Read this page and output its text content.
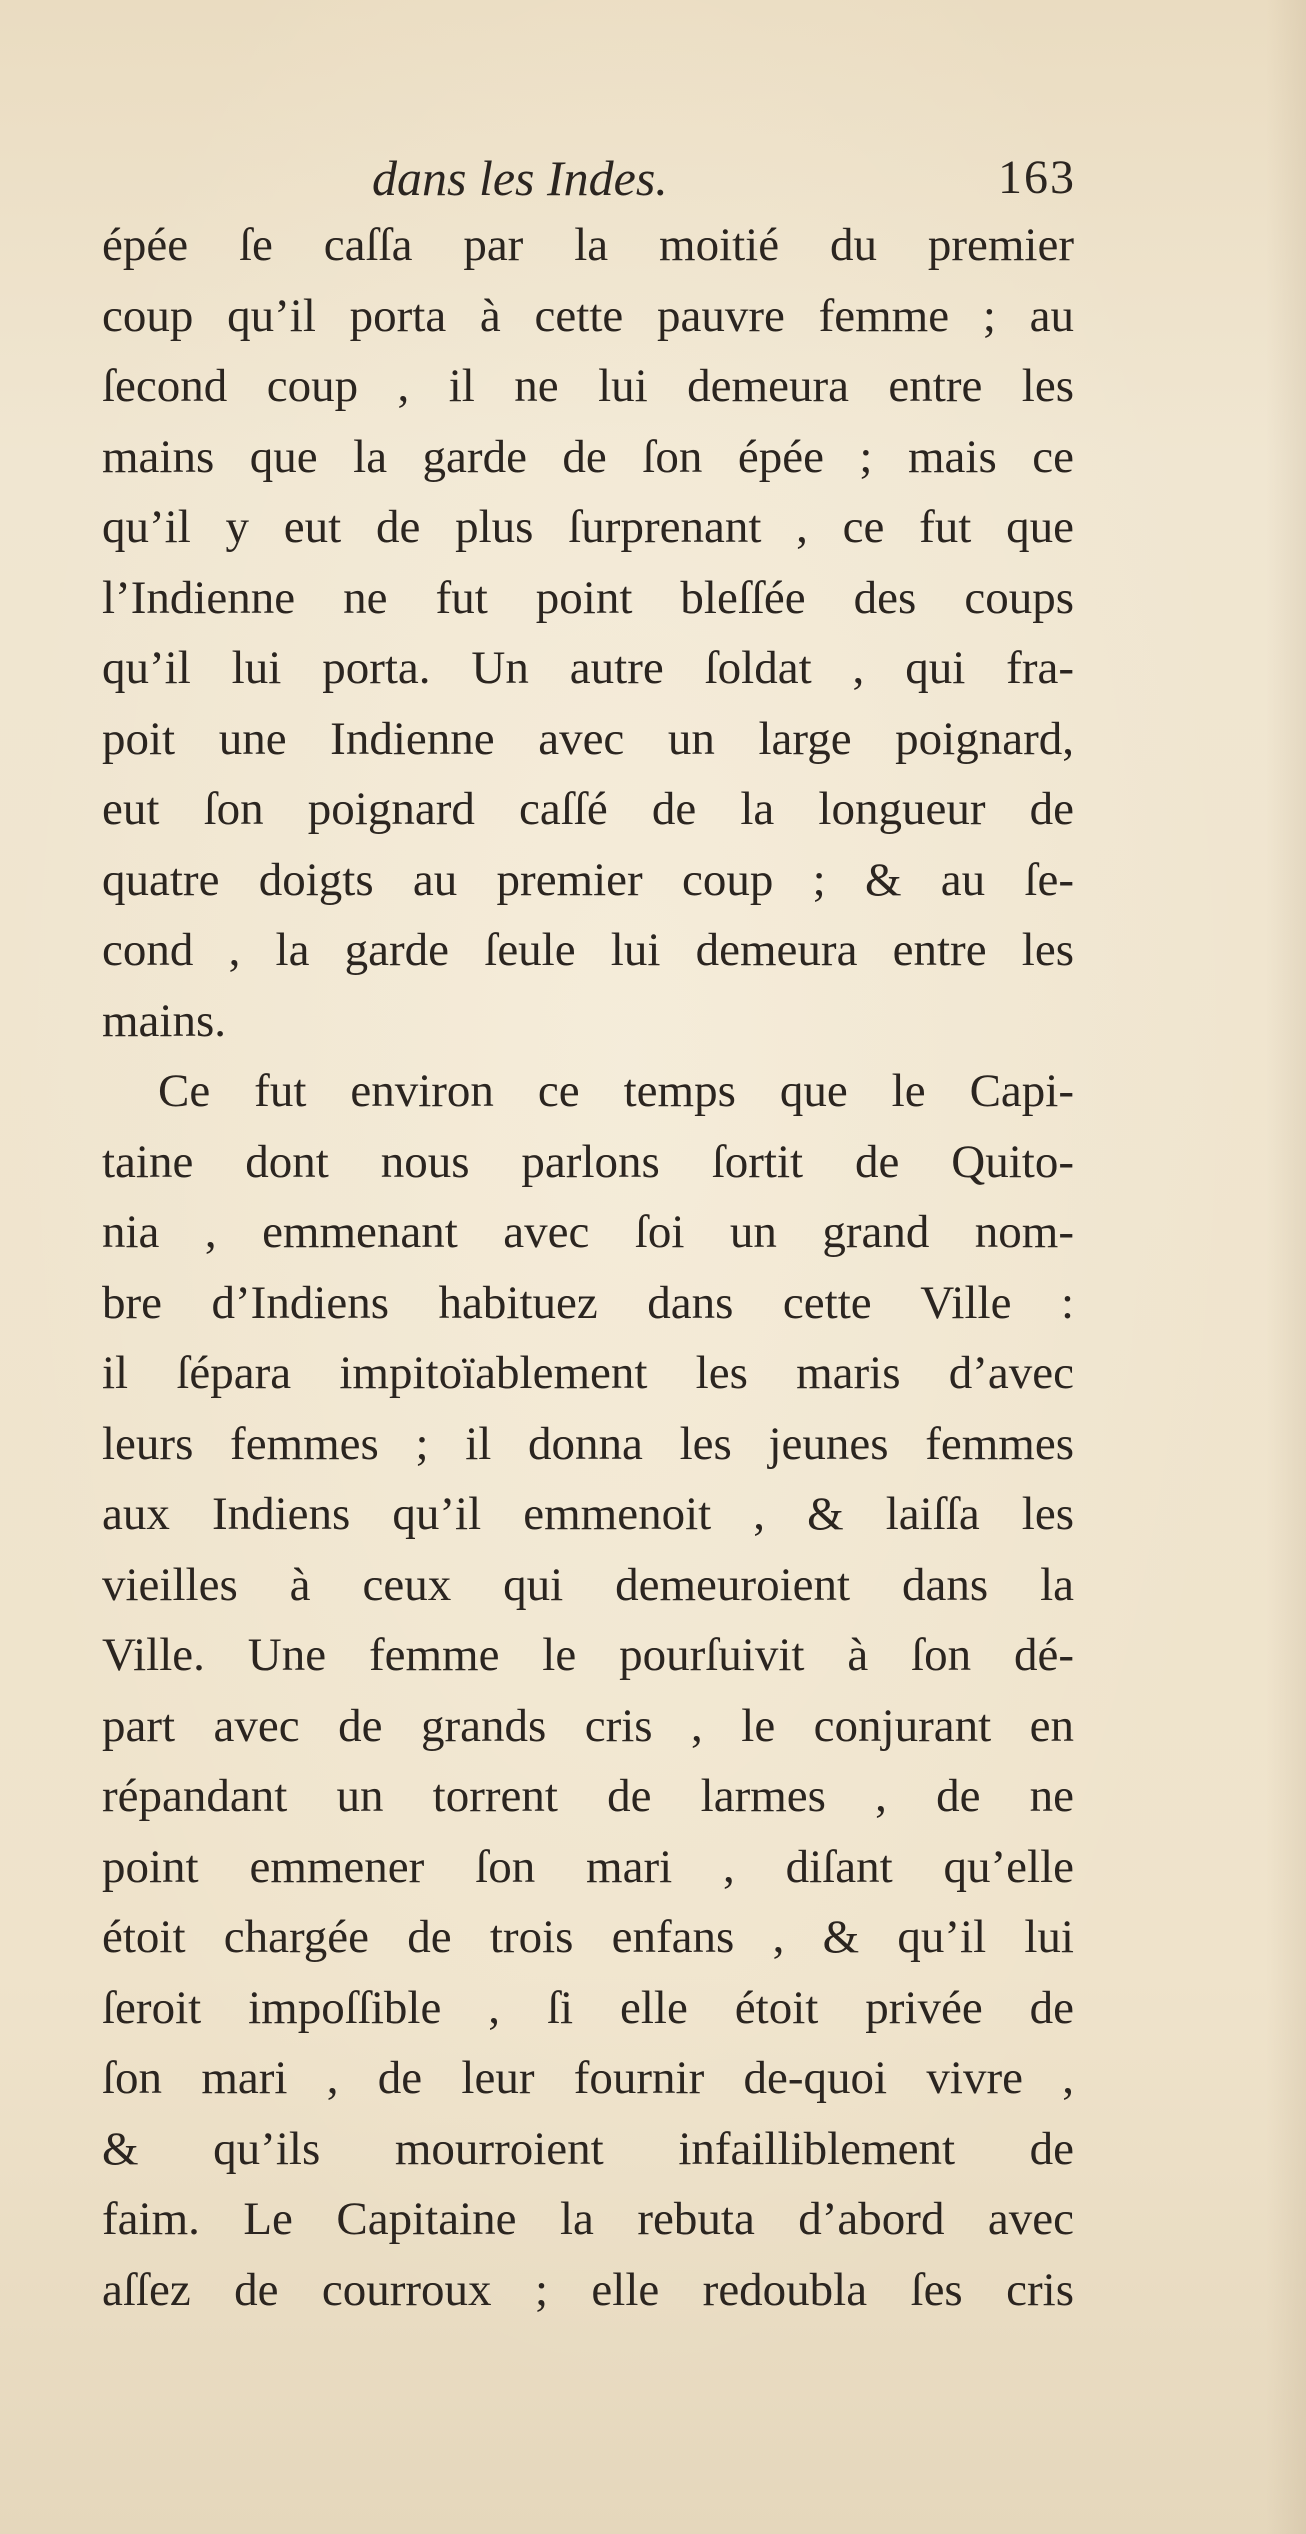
dans les Indes.	163
épée ſe caſſa par la moitié du premier
coup qu’il porta à cette pauvre femme ; au
ſecond coup , il ne lui demeura entre les
mains que la garde de ſon épée ; mais ce
qu’il y eut de plus ſurprenant , ce fut que
l’Indienne ne fut point bleſſée des coups
qu’il lui porta. Un autre ſoldat , qui fra-
poit une Indienne avec un large poignard,
eut ſon poignard caſſé de la longueur de
quatre doigts au premier coup ; & au ſe-
cond , la garde ſeule lui demeura entre les
mains.
Ce fut environ ce temps que le Capi-
taine dont nous parlons ſortit de Quito-
nia , emmenant avec ſoi un grand nom-
bre d’Indiens habituez dans cette Ville :
il ſépara impitoïablement les maris d’avec
leurs femmes ; il donna les jeunes femmes
aux Indiens qu’il emmenoit , & laiſſa les
vieilles à ceux qui demeuroient dans la
Ville. Une femme le pourſuivit à ſon dé-
part avec de grands cris , le conjurant en
répandant un torrent de larmes , de ne
point emmener ſon mari , diſant qu’elle
étoit chargée de trois enfans , & qu’il lui
ſeroit impoſſible , ſi elle étoit privée de
ſon mari , de leur fournir de-quoi vivre ,
& qu’ils mourroient infailliblement de
faim. Le Capitaine la rebuta d’abord avec
aſſez de courroux ; elle redoubla ſes cris
